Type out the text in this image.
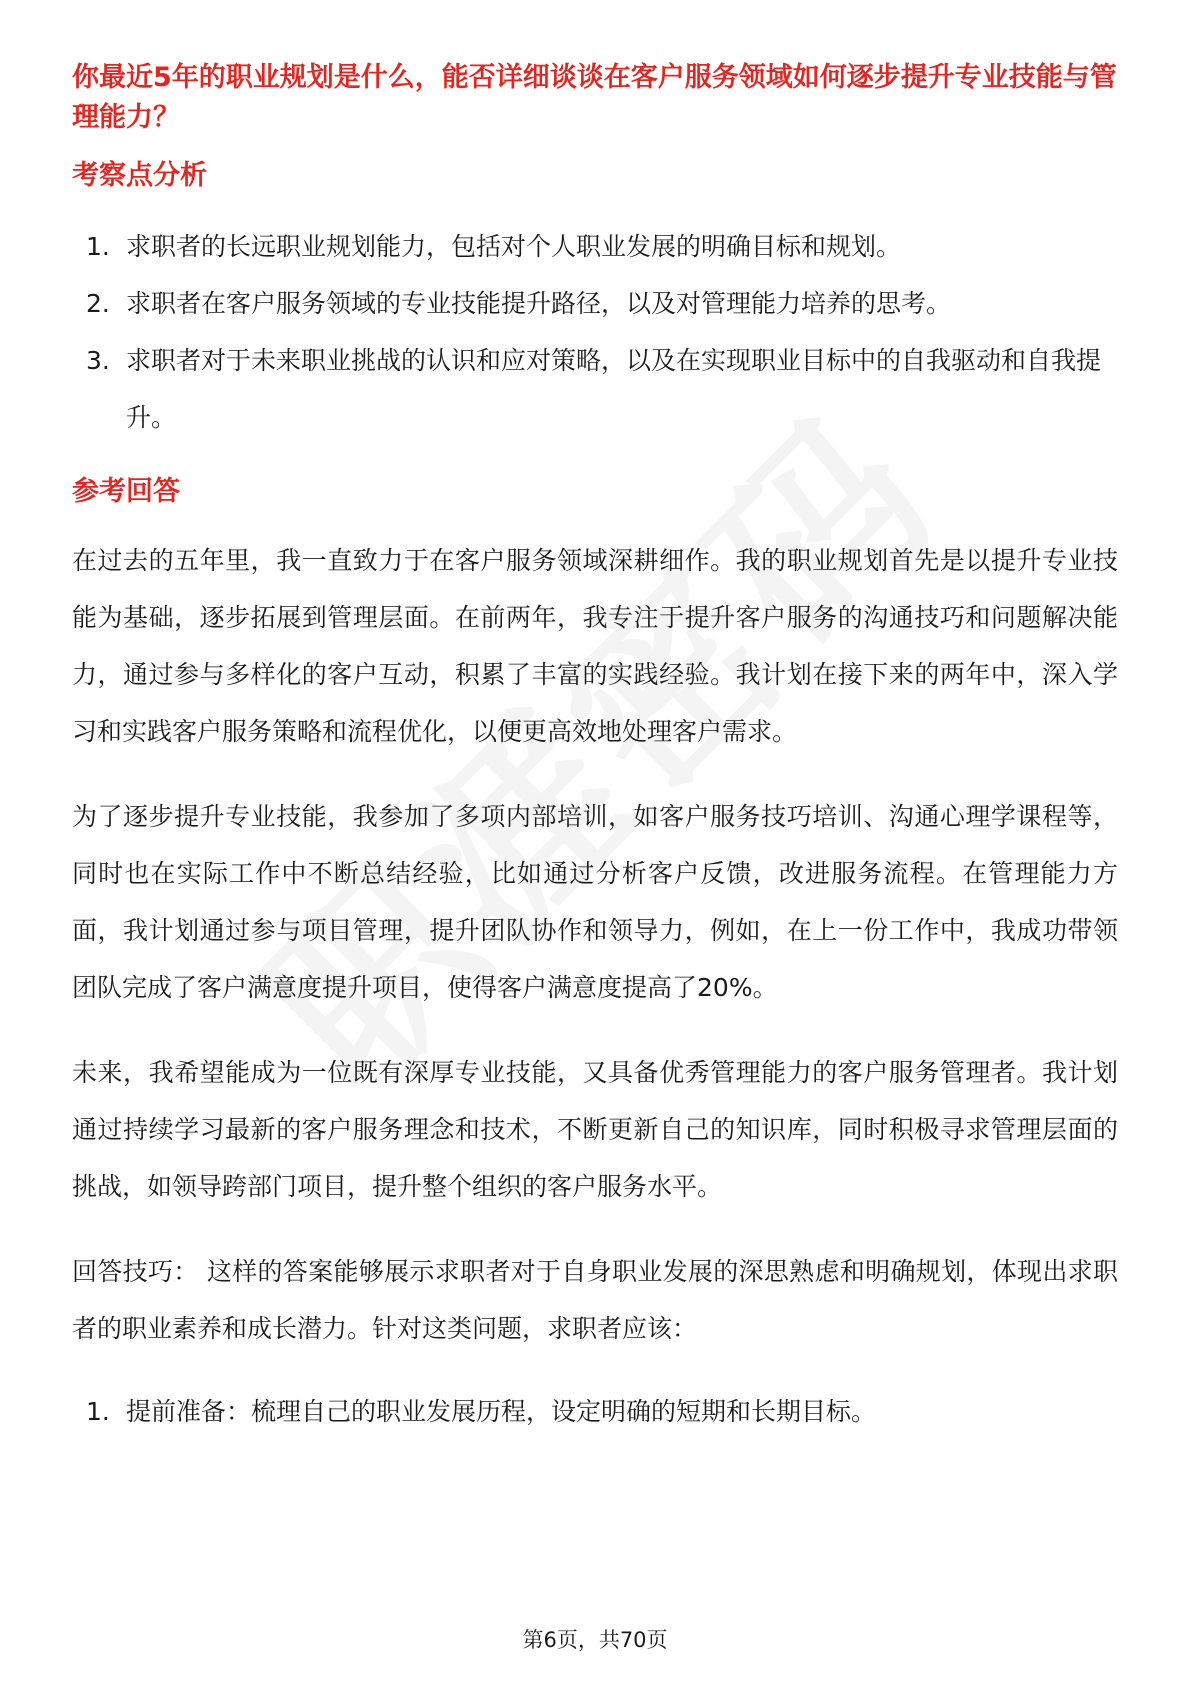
你最近5年的职业规划是什么，能否详细谈谈在客户服务领域如何逐步提升专业技能与管理能力？
考察点分析
1. 求职者的长远职业规划能力，包括对个人职业发展的明确目标和规划。
2. 求职者在客户服务领域的专业技能提升路径，以及对管理能力培养的思考。
3. 求职者对于未来职业挑战的认识和应对策略，以及在实现职业目标中的自我驱动和自我提升。
参考回答

在过去的五年里，我一直致力于在客户服务领域深耕细作。我的职业规划首先是以提升专业技能为基础，逐步拓展到管理层面。在前两年，我专注于提升客户服务的沟通技巧和问题解决能力，通过参与多样化的客户互动，积累了丰富的实践经验。我计划在接下来的两年中，深入学习和实践客户服务策略和流程优化，以便更高效地处理客户需求。

为了逐步提升专业技能，我参加了多项内部培训，如客户服务技巧培训、沟通心理学课程等，同时也在实际工作中不断总结经验，比如通过分析客户反馈，改进服务流程。在管理能力方面，我计划通过参与项目管理，提升团队协作和领导力，例如，在上一份工作中，我成功带领团队完成了客户满意度提升项目，使得客户满意度提高了20%。

未来，我希望能成为一位既有深厚专业技能，又具备优秀管理能力的客户服务管理者。我计划通过持续学习最新的客户服务理念和技术，不断更新自己的知识库，同时积极寻求管理层面的挑战，如领导跨部门项目，提升整个组织的客户服务水平。

回答技巧： 这样的答案能够展示求职者对于自身职业发展的深思熟虑和明确规划，体现出求职者的职业素养和成长潜力。针对这类问题，求职者应该：

1. 提前准备：梳理自己的职业发展历程，设定明确的短期和长期目标。
第6页，共70页
